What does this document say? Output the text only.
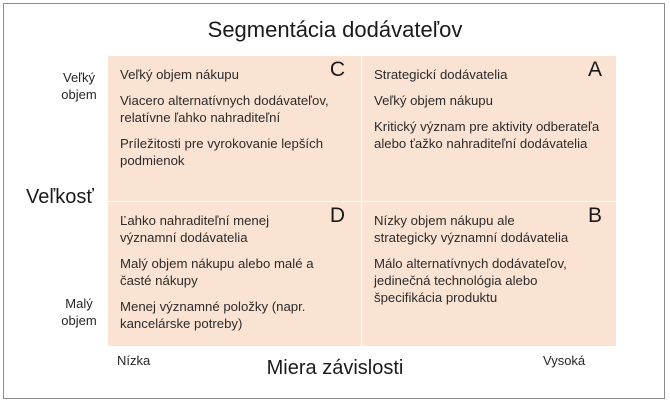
Segmentácia dodávateľov
Veľký objem
Veľkosť
Malý objem
C

Veľký objem nákupu

Viacero alternatívnych dodávateľov, relatívne ľahko nahraditeľní

Príležitosti pre vyrokovanie lepších podmienok

A

Strategickí dodávatelia

Veľký objem nákupu

Kritický význam pre aktivity odberateľa alebo ťažko nahraditeľní dodávatelia

D

Ľahko nahraditeľní menej významní dodávatelia

Malý objem nákupu alebo malé a časté nákupy

Menej významné položky (napr. kancelárske potreby)

B

Nízky objem nákupu ale strategicky významní dodávatelia

Málo alternatívnych dodávateľov, jedinečná technológia alebo špecifikácia produktu

Nízka	Miera závislosti	Vysoká
